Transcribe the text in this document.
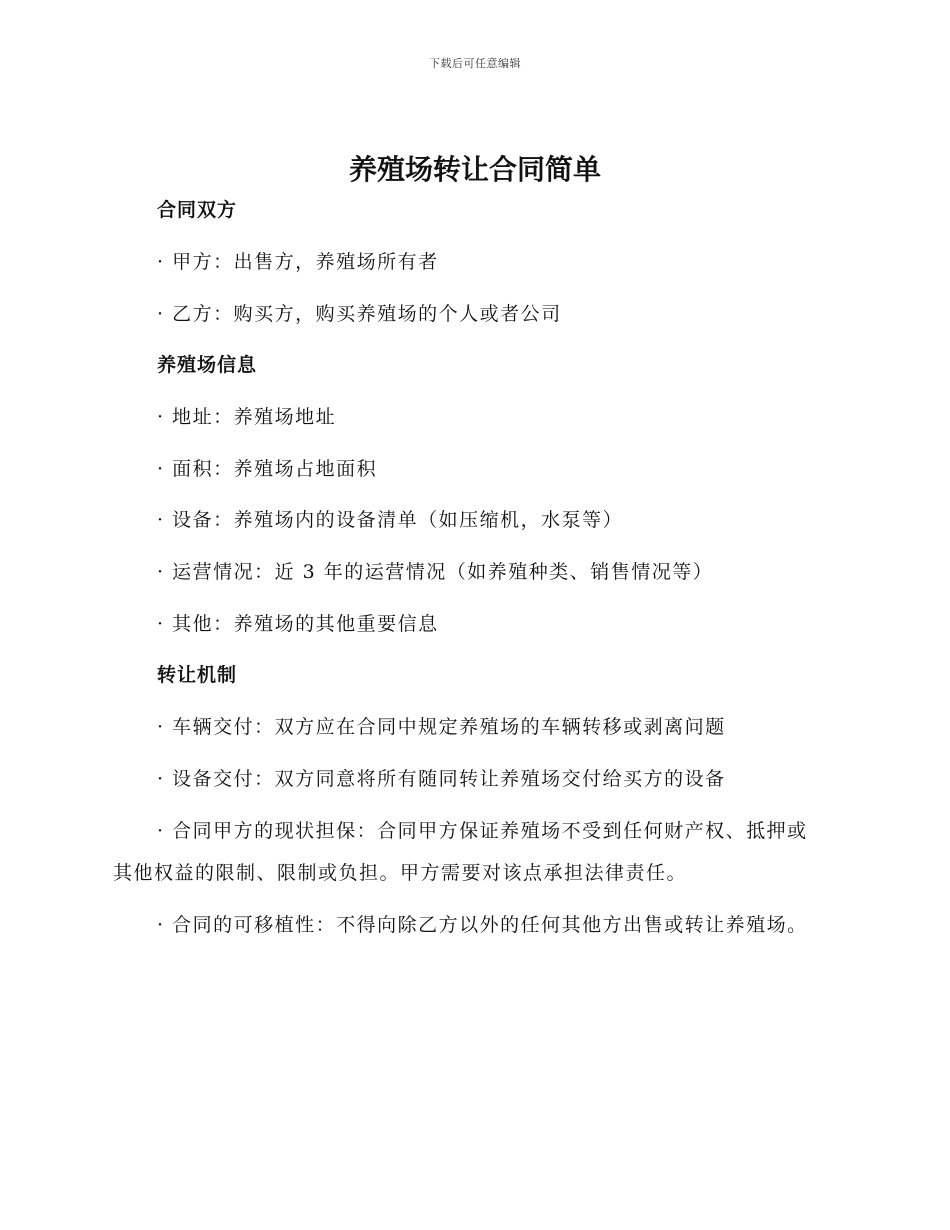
下载后可任意编辑
养殖场转让合同简单
合同双方

· 甲方：出售方，养殖场所有者

· 乙方：购买方，购买养殖场的个人或者公司

养殖场信息

· 地址：养殖场地址

· 面积：养殖场占地面积

· 设备：养殖场内的设备清单（如压缩机，水泵等）

· 运营情况：近 3 年的运营情况（如养殖种类、销售情况等）

· 其他：养殖场的其他重要信息

转让机制

· 车辆交付：双方应在合同中规定养殖场的车辆转移或剥离问题

· 设备交付：双方同意将所有随同转让养殖场交付给买方的设备

· 合同甲方的现状担保：合同甲方保证养殖场不受到任何财产权、抵押或其他权益的限制、限制或负担。甲方需要对该点承担法律责任。

· 合同的可移植性：不得向除乙方以外的任何其他方出售或转让养殖场。
